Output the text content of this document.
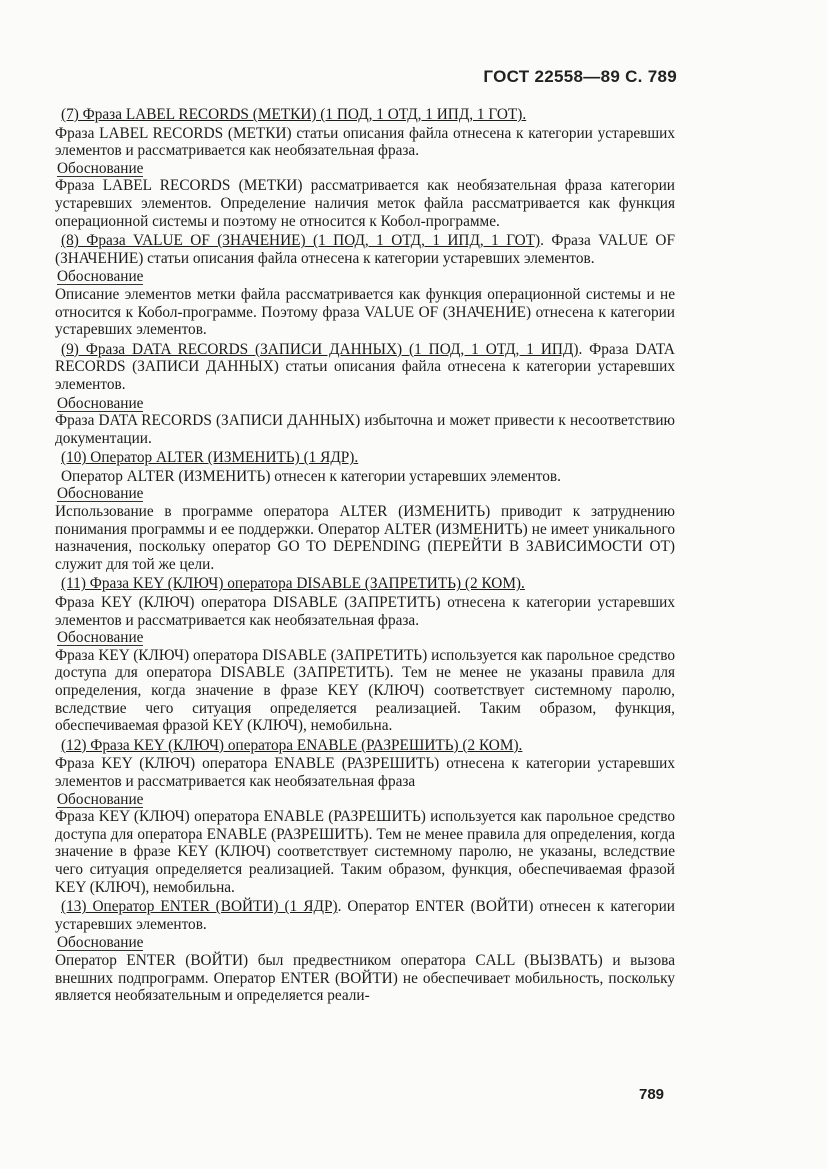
ГОСТ 22558—89 С. 789

(7) Фраза LABEL RECORDS (МЕТКИ) (1 ПОД, 1 ОТД, 1 ИПД, 1 ГОТ).

Фраза LABEL RECORDS (МЕТКИ) статьи описания файла отнесена к категории устаревших элементов и рассматривается как необязательная фраза.

Обоснование

Фраза LABEL RECORDS (МЕТКИ) рассматривается как необязательная фраза категории устаревших элементов. Определение наличия меток файла рассматривается как функция операционной системы и поэтому не относится к Кобол-программе.

(8) Фраза VALUE OF (ЗНАЧЕНИЕ) (1 ПОД, 1 ОТД, 1 ИПД, 1 ГОТ). Фраза VALUE OF (ЗНАЧЕНИЕ) статьи описания файла отнесена к категории устаревших элементов.

Обоснование

Описание элементов метки файла рассматривается как функция операционной системы и не относится к Кобол-программе. Поэтому фраза VALUE OF (ЗНАЧЕНИЕ) отнесена к категории устаревших элементов.

(9) Фраза DATA RECORDS (ЗАПИСИ ДАННЫХ) (1 ПОД, 1 ОТД, 1 ИПД). Фраза DATA RECORDS (ЗАПИСИ ДАННЫХ) статьи описания файла отнесена к категории устаревших элементов.

Обоснование

Фраза DATA RECORDS (ЗАПИСИ ДАННЫХ) избыточна и может привести к несоответствию документации.

(10) Оператор ALTER (ИЗМЕНИТЬ) (1 ЯДР).

Оператор ALTER (ИЗМЕНИТЬ) отнесен к категории устаревших элементов.

Обоснование

Использование в программе оператора ALTER (ИЗМЕНИТЬ) приводит к затруднению понимания программы и ее поддержки. Оператор ALTER (ИЗМЕНИТЬ) не имеет уникального назначения, поскольку оператор GO TO DEPENDING (ПЕРЕЙТИ В ЗАВИСИМОСТИ ОТ) служит для той же цели.

(11) Фраза KEY (КЛЮЧ) оператора DISABLE (ЗАПРЕТИТЬ) (2 КОМ).

Фраза KEY (КЛЮЧ) оператора DISABLE (ЗАПРЕТИТЬ) отнесена к категории устаревших элементов и рассматривается как необязательная фраза.

Обоснование

Фраза KEY (КЛЮЧ) оператора DISABLE (ЗАПРЕТИТЬ) используется как парольное средство доступа для оператора DISABLE (ЗАПРЕТИТЬ). Тем не менее не указаны правила для определения, когда значение в фразе KEY (КЛЮЧ) соответствует системному паролю, вследствие чего ситуация определяется реализацией. Таким образом, функция, обеспечиваемая фразой KEY (КЛЮЧ), немобильна.

(12) Фраза KEY (КЛЮЧ) оператора ENABLE (РАЗРЕШИТЬ) (2 КОМ).

Фраза KEY (КЛЮЧ) оператора ENABLE (РАЗРЕШИТЬ) отнесена к категории устаревших элементов и рассматривается как необязательная фраза

Обоснование

Фраза KEY (КЛЮЧ) оператора ENABLE (РАЗРЕШИТЬ) используется как парольное средство доступа для оператора ENABLE (РАЗРЕШИТЬ). Тем не менее правила для определения, когда значение в фразе KEY (КЛЮЧ) соответствует системному паролю, не указаны, вследствие чего ситуация определяется реализацией. Таким образом, функция, обеспечиваемая фразой KEY (КЛЮЧ), немобильна.

(13) Оператор ENTER (ВОЙТИ) (1 ЯДР). Оператор ENTER (ВОЙТИ) отнесен к категории устаревших элементов.

Обоснование

Оператор ENTER (ВОЙТИ) был предвестником оператора CALL (ВЫЗВАТЬ) и вызова внешних подпрограмм. Оператор ENTER (ВОЙТИ) не обеспечивает мобильность, поскольку является необязательным и определяется реали-

789
